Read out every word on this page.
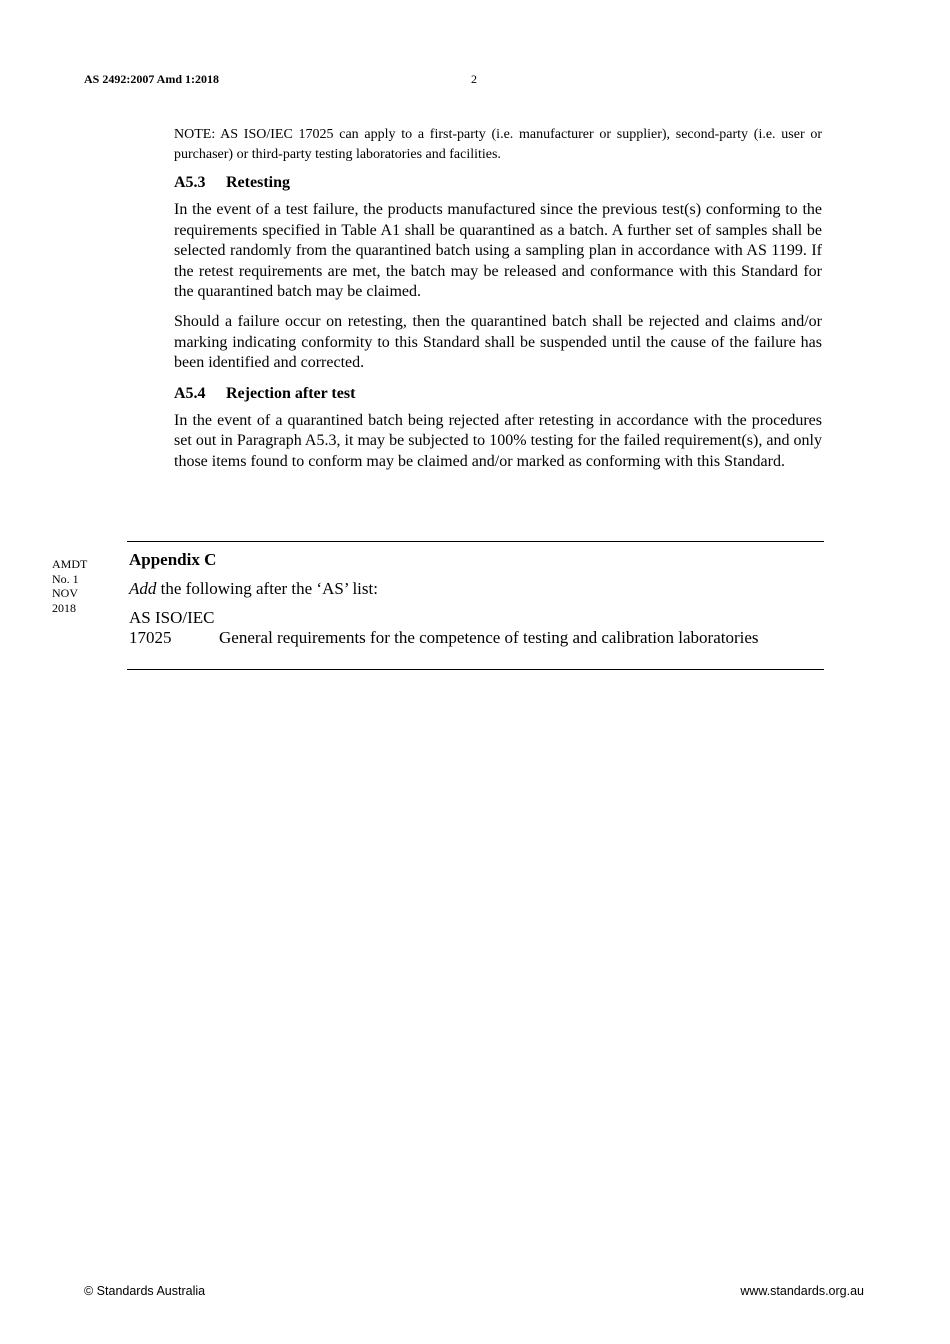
AS 2492:2007 Amd 1:2018	2

NOTE: AS ISO/IEC 17025 can apply to a first-party (i.e. manufacturer or supplier), second-party (i.e. user or purchaser) or third-party testing laboratories and facilities.

A5.3 Retesting

In the event of a test failure, the products manufactured since the previous test(s) conforming to the requirements specified in Table A1 shall be quarantined as a batch. A further set of samples shall be selected randomly from the quarantined batch using a sampling plan in accordance with AS 1199. If the retest requirements are met, the batch may be released and conformance with this Standard for the quarantined batch may be claimed.

Should a failure occur on retesting, then the quarantined batch shall be rejected and claims and/or marking indicating conformity to this Standard shall be suspended until the cause of the failure has been identified and corrected.

A5.4 Rejection after test

In the event of a quarantined batch being rejected after retesting in accordance with the procedures set out in Paragraph A5.3, it may be subjected to 100% testing for the failed requirement(s), and only those items found to conform may be claimed and/or marked as conforming with this Standard.

AMDT
No. 1
NOV
2018
Appendix C
Add the following after the ‘AS’ list:
AS ISO/IEC
17025	General requirements for the competence of testing and calibration laboratories
© Standards Australia	www.standards.org.au
